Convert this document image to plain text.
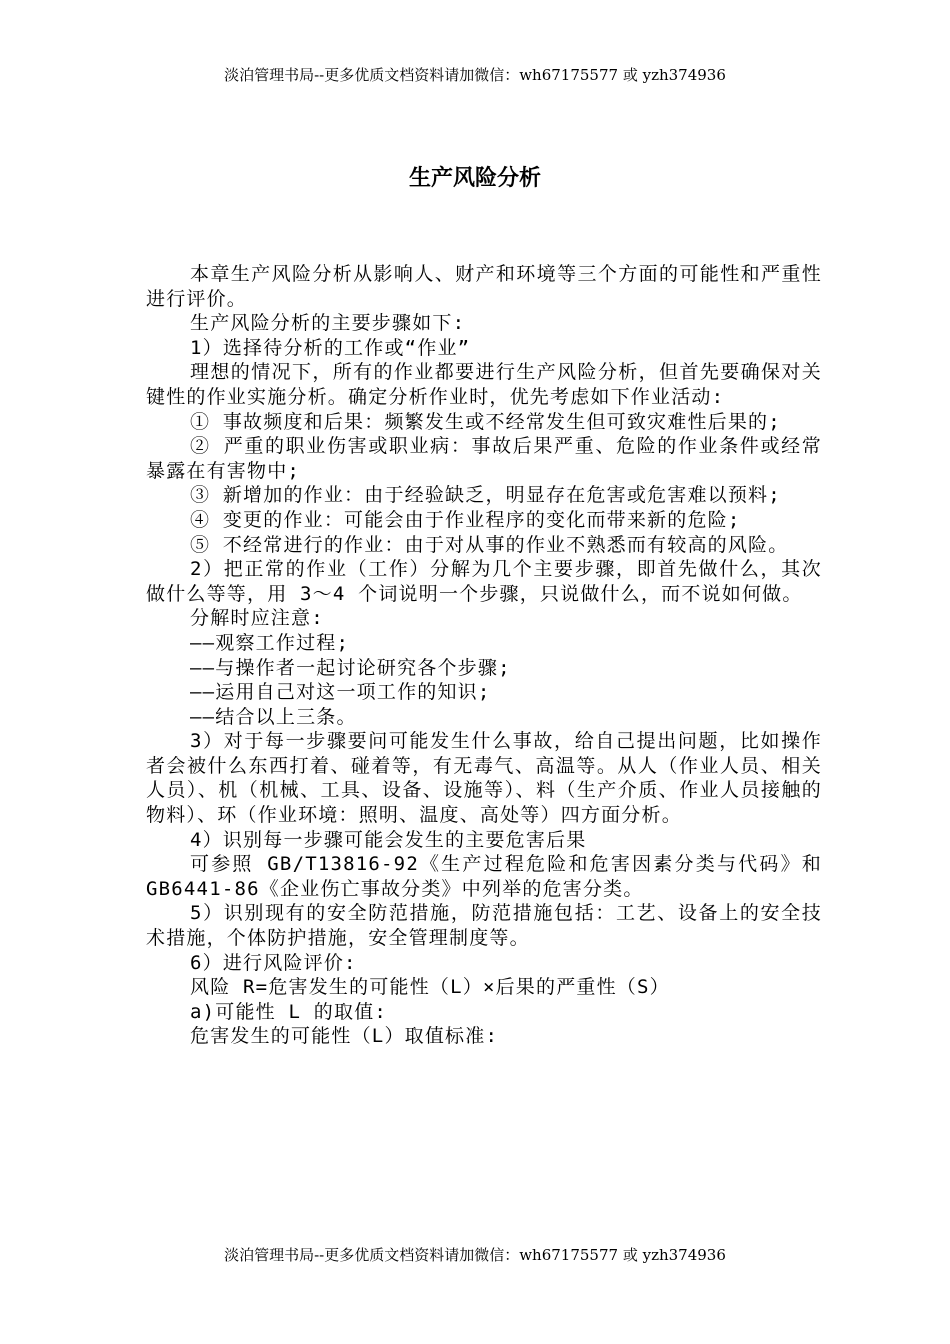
淡泊管理书局--更多优质文档资料请加微信：wh67175577 或 yzh374936
生产风险分析

本章生产风险分析从影响人、财产和环境等三个方面的可能性和严重性进行评价。

生产风险分析的主要步骤如下:

1）选择待分析的工作或“作业”

理想的情况下，所有的作业都要进行生产风险分析，但首先要确保对关键性的作业实施分析。确定分析作业时，优先考虑如下作业活动:

① 事故频度和后果：频繁发生或不经常发生但可致灾难性后果的;

② 严重的职业伤害或职业病：事故后果严重、危险的作业条件或经常暴露在有害物中;

③ 新增加的作业：由于经验缺乏，明显存在危害或危害难以预料;

④ 变更的作业：可能会由于作业程序的变化而带来新的危险;

⑤ 不经常进行的作业：由于对从事的作业不熟悉而有较高的风险。

2）把正常的作业（工作）分解为几个主要步骤，即首先做什么，其次做什么等等，用 3～4 个词说明一个步骤，只说做什么，而不说如何做。

分解时应注意:

——观察工作过程;

——与操作者一起讨论研究各个步骤;

——运用自己对这一项工作的知识;

——结合以上三条。

3）对于每一步骤要问可能发生什么事故，给自己提出问题，比如操作者会被什么东西打着、碰着等，有无毒气、高温等。从人（作业人员、相关人员）、机（机械、工具、设备、设施等）、料（生产介质、作业人员接触的物料）、环（作业环境：照明、温度、高处等）四方面分析。

4）识别每一步骤可能会发生的主要危害后果

可参照 GB/T13816-92《生产过程危险和危害因素分类与代码》和 GB6441-86《企业伤亡事故分类》中列举的危害分类。

5）识别现有的安全防范措施，防范措施包括：工艺、设备上的安全技术措施，个体防护措施，安全管理制度等。

6）进行风险评价:

风险 R=危害发生的可能性（L）×后果的严重性（S）

a)可能性 L 的取值:

危害发生的可能性（L）取值标准:

淡泊管理书局--更多优质文档资料请加微信：wh67175577 或 yzh374936
